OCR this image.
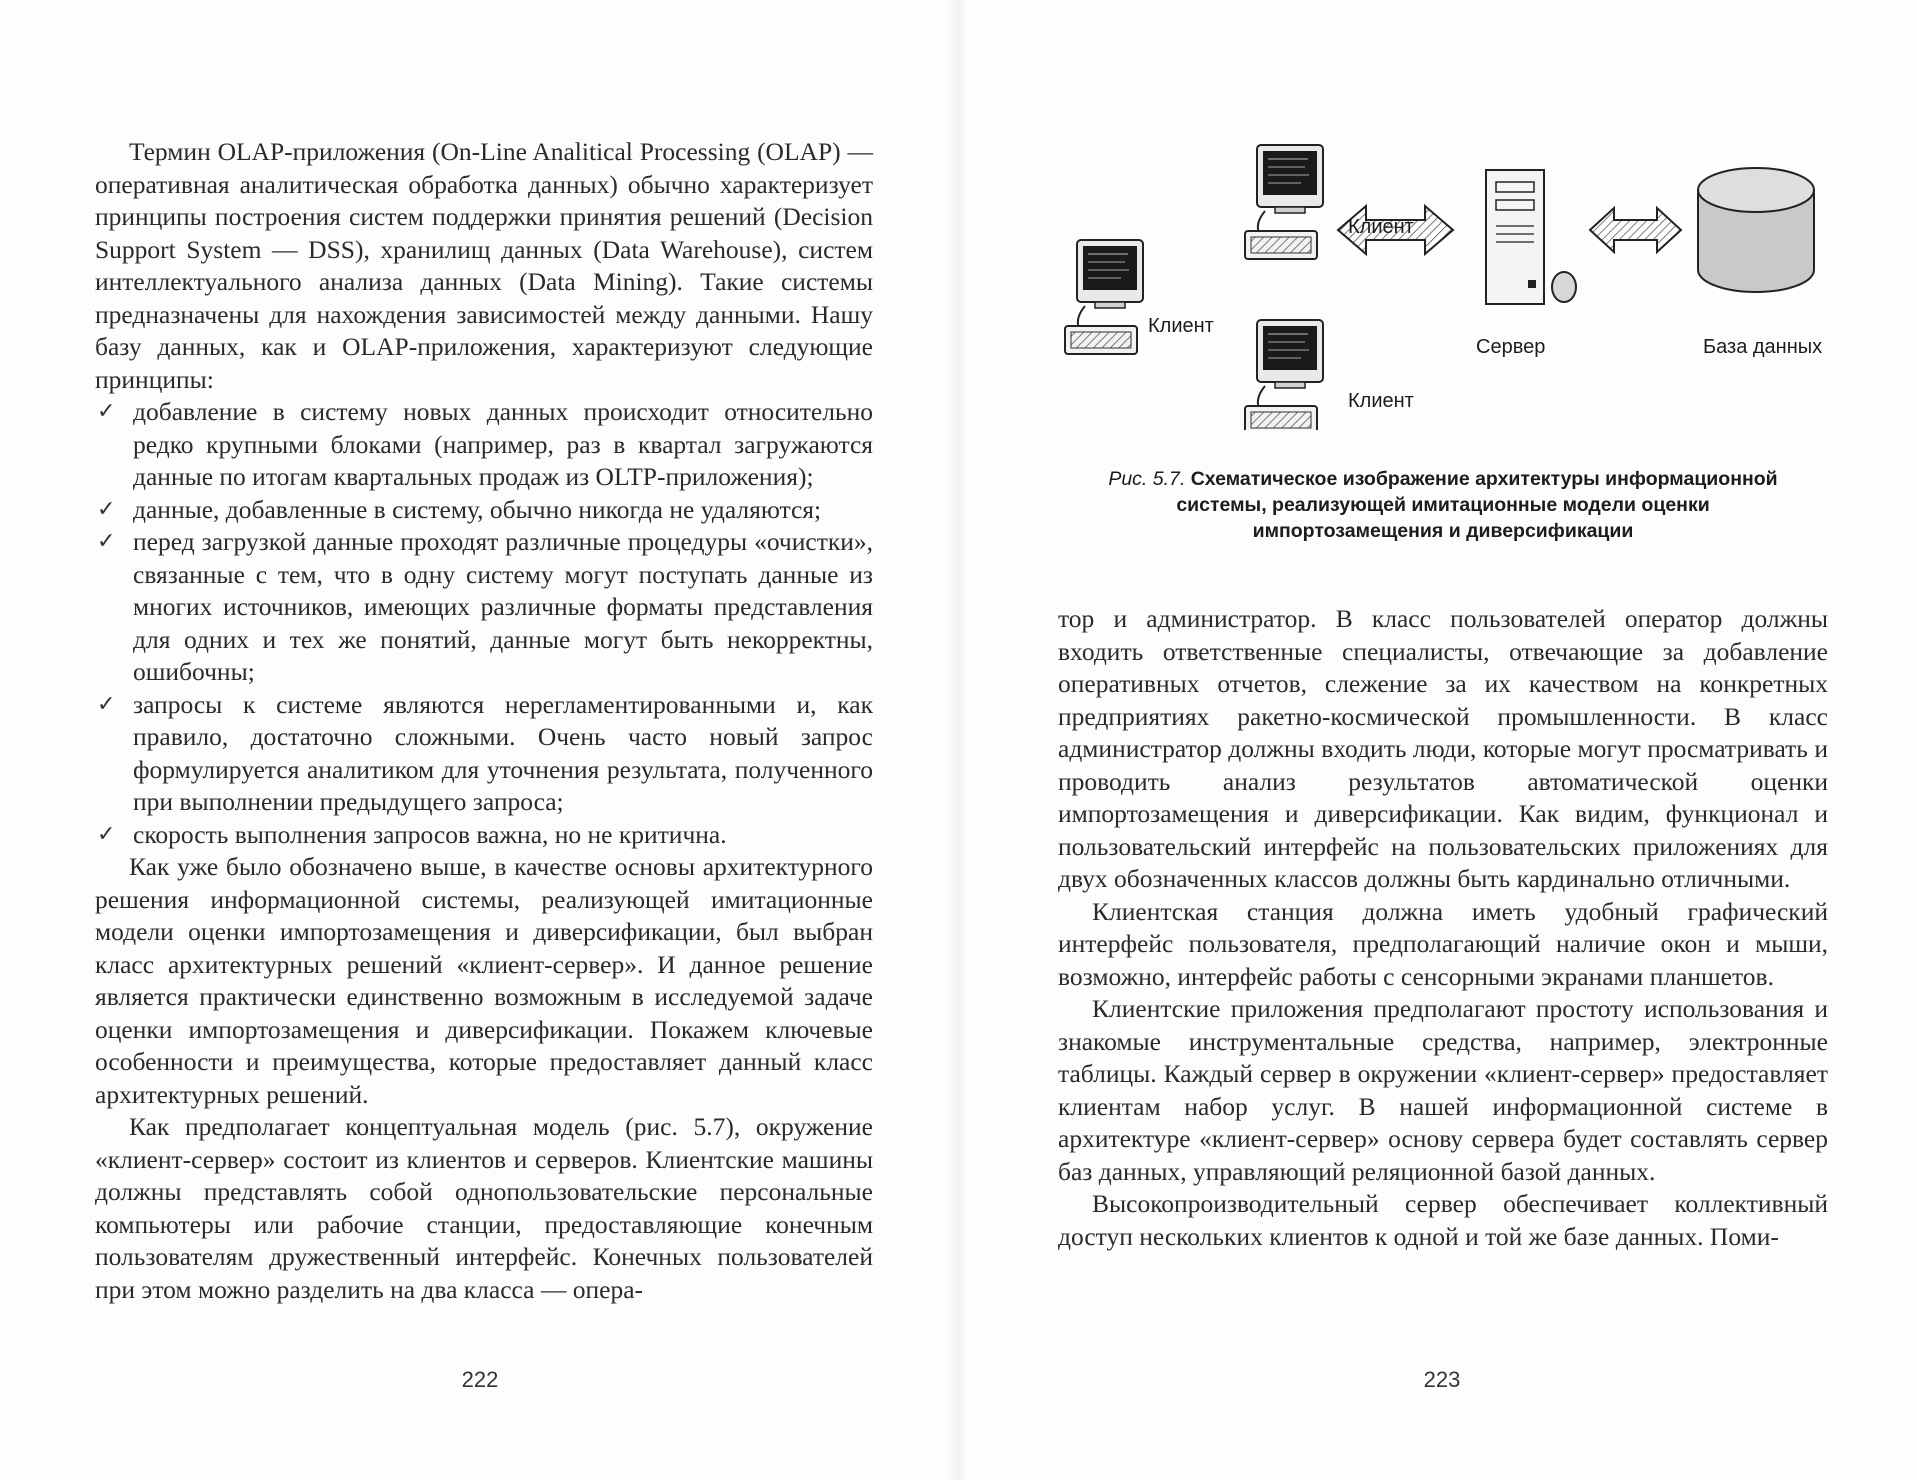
Термин OLAP-приложения (On-Line Analitical Processing (OLAP) — оперативная аналитическая обработка данных) обычно характеризует принципы построения систем поддержки принятия решений (Decision Support System — DSS), хранилищ данных (Data Warehouse), систем интеллектуального анализа данных (Data Mining). Такие системы предназначены для нахождения зависимостей между данными. Нашу базу данных, как и OLAP-приложения, характеризуют следующие принципы:

✓ добавление в систему новых данных происходит относительно редко крупными блоками (например, раз в квартал загружаются данные по итогам квартальных продаж из OLTP-приложения);
✓ данные, добавленные в систему, обычно никогда не удаляются;
✓ перед загрузкой данные проходят различные процедуры «очистки», связанные с тем, что в одну систему могут поступать данные из многих источников, имеющих различные форматы представления для одних и тех же понятий, данные могут быть некорректны, ошибочны;
✓ запросы к системе являются нерегламентированными и, как правило, достаточно сложными. Очень часто новый запрос формулируется аналитиком для уточнения результата, полученного при выполнении предыдущего запроса;
✓ скорость выполнения запросов важна, но не критична.

Как уже было обозначено выше, в качестве основы архитектурного решения информационной системы, реализующей имитационные модели оценки импортозамещения и диверсификации, был выбран класс архитектурных решений «клиент-сервер». И данное решение является практически единственно возможным в исследуемой задаче оценки импортозамещения и диверсификации. Покажем ключевые особенности и преимущества, которые предоставляет данный класс архитектурных решений.

Как предполагает концептуальная модель (рис. 5.7), окружение «клиент-сервер» состоит из клиентов и серверов. Клиентские машины должны представлять собой однопользовательские персональные компьютеры или рабочие станции, предоставляющие конечным пользователям дружественный интерфейс. Конечных пользователей при этом можно разделить на два класса — опера-

222
Клиент
Клиент
Клиент
Сервер	База данных
Рис. 5.7. Схематическое изображение архитектуры информационной
системы, реализующей имитационные модели оценки
импортозамещения и диверсификации

тор и администратор. В класс пользователей оператор должны входить ответственные специалисты, отвечающие за добавление оперативных отчетов, слежение за их качеством на конкретных предприятиях ракетно-космической промышленности. В класс администратор должны входить люди, которые могут просматривать и проводить анализ результатов автоматической оценки импортозамещения и диверсификации. Как видим, функционал и пользовательский интерфейс на пользовательских приложениях для двух обозначенных классов должны быть кардинально отличными.

Клиентская станция должна иметь удобный графический интерфейс пользователя, предполагающий наличие окон и мыши, возможно, интерфейс работы с сенсорными экранами планшетов.

Клиентские приложения предполагают простоту использования и знакомые инструментальные средства, например, электронные таблицы. Каждый сервер в окружении «клиент-сервер» предоставляет клиентам набор услуг. В нашей информационной системе в архитектуре «клиент-сервер» основу сервера будет составлять сервер баз данных, управляющий реляционной базой данных.

Высокопроизводительный сервер обеспечивает коллективный доступ нескольких клиентов к одной и той же базе данных. Поми-

223
